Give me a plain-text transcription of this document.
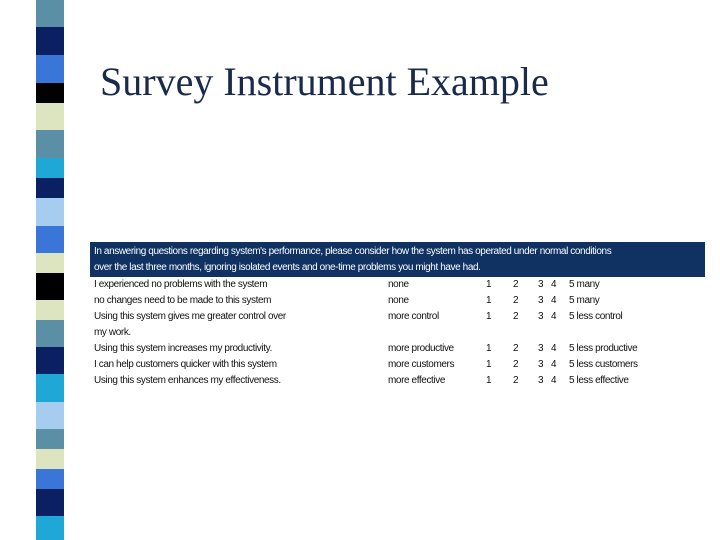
Survey Instrument Example
In answering questions regarding system's performance, please consider how the system has operated under normal conditions
over the last three months, ignoring isolated events and one-time problems you might have had.
I experienced no problems with the system	none	1 2 3 4 5 many
no changes need to be made to this system	none	1 2 3 4 5 many
Using this system gives me greater control over	more control	1 2 3 4 5 less control
my work.
Using this system increases my productivity.	more productive	1 2 3 4 5 less productive
I can help customers quicker with this system	more customers	1 2 3 4 5 less customers
Using this system enhances my effectiveness.	more effective	1 2 3 4 5 less effective
